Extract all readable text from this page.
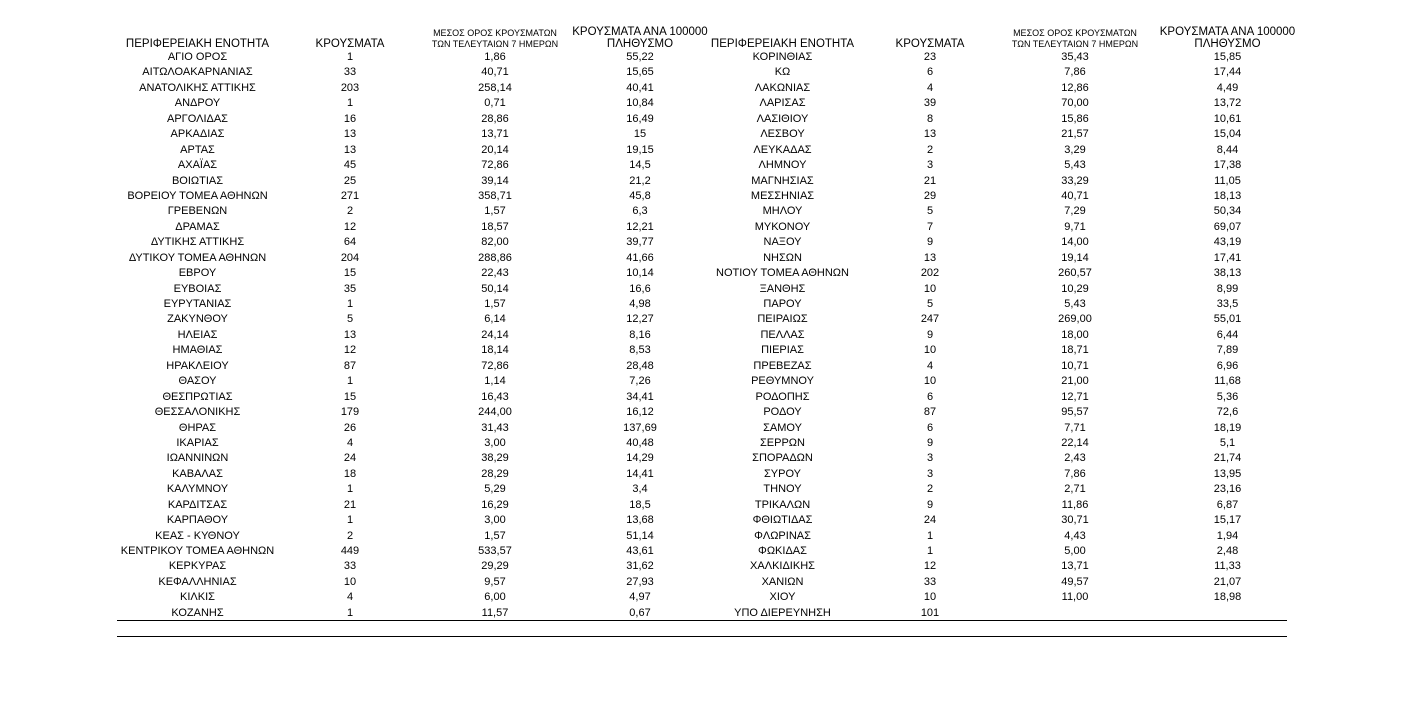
ΠΕΡΙΦΕΡΕΙΑΚΗ ΕΝΟΤΗΤΑ	ΚΡΟΥΣΜΑΤΑ
ΜΕΣΟΣ ΟΡΟΣ ΚΡΟΥΣΜΑΤΩΝ
ΤΩΝ ΤΕΛΕΥΤΑΙΩΝ 7 ΗΜΕΡΩΝ
ΚΡΟΥΣΜΑΤΑ ΑΝΑ 100000
ΠΛΗΘΥΣΜΟ
ΑΓΙΟ ΟΡΟΣ	1	1,86	55,22
ΑΙΤΩΛΟΑΚΑΡΝΑΝΙΑΣ	33	40,71	15,65
ΑΝΑΤΟΛΙΚΗΣ ΑΤΤΙΚΗΣ	203	258,14	40,41
ΑΝΔΡΟΥ	1	0,71	10,84
ΑΡΓΟΛΙΔΑΣ	16	28,86	16,49
ΑΡΚΑΔΙΑΣ	13	13,71	15
ΑΡΤΑΣ	13	20,14	19,15
ΑΧΑΪΑΣ	45	72,86	14,5
ΒΟΙΩΤΙΑΣ	25	39,14	21,2
ΒΟΡΕΙΟΥ ΤΟΜΕΑ ΑΘΗΝΩΝ	271	358,71	45,8
ΓΡΕΒΕΝΩΝ	2	1,57	6,3
ΔΡΑΜΑΣ	12	18,57	12,21
ΔΥΤΙΚΗΣ ΑΤΤΙΚΗΣ	64	82,00	39,77
ΔΥΤΙΚΟΥ ΤΟΜΕΑ ΑΘΗΝΩΝ	204	288,86	41,66
ΕΒΡΟΥ	15	22,43	10,14
ΕΥΒΟΙΑΣ	35	50,14	16,6
ΕΥΡΥΤΑΝΙΑΣ	1	1,57	4,98
ΖΑΚΥΝΘΟΥ	5	6,14	12,27
ΗΛΕΙΑΣ	13	24,14	8,16
ΗΜΑΘΙΑΣ	12	18,14	8,53
ΗΡΑΚΛΕΙΟΥ	87	72,86	28,48
ΘΑΣΟΥ	1	1,14	7,26
ΘΕΣΠΡΩΤΙΑΣ	15	16,43	34,41
ΘΕΣΣΑΛΟΝΙΚΗΣ	179	244,00	16,12
ΘΗΡΑΣ	26	31,43	137,69
ΙΚΑΡΙΑΣ	4	3,00	40,48
ΙΩΑΝΝΙΝΩΝ	24	38,29	14,29
ΚΑΒΑΛΑΣ	18	28,29	14,41
ΚΑΛΥΜΝΟΥ	1	5,29	3,4
ΚΑΡΔΙΤΣΑΣ	21	16,29	18,5
ΚΑΡΠΑΘΟΥ	1	3,00	13,68
ΚΕΑΣ - ΚΥΘΝΟΥ	2	1,57	51,14
ΚΕΝΤΡΙΚΟΥ ΤΟΜΕΑ ΑΘΗΝΩΝ	449	533,57	43,61
ΚΕΡΚΥΡΑΣ	33	29,29	31,62
ΚΕΦΑΛΛΗΝΙΑΣ	10	9,57	27,93
ΚΙΛΚΙΣ	4	6,00	4,97
ΚΟΖΑΝΗΣ	1	11,57	0,67
ΠΕΡΙΦΕΡΕΙΑΚΗ ΕΝΟΤΗΤΑ	ΚΡΟΥΣΜΑΤΑ
ΜΕΣΟΣ ΟΡΟΣ ΚΡΟΥΣΜΑΤΩΝ
ΤΩΝ ΤΕΛΕΥΤΑΙΩΝ 7 ΗΜΕΡΩΝ
ΚΡΟΥΣΜΑΤΑ ΑΝΑ 100000
ΠΛΗΘΥΣΜΟ
ΚΟΡΙΝΘΙΑΣ	23	35,43	15,85
ΚΩ	6	7,86	17,44
ΛΑΚΩΝΙΑΣ	4	12,86	4,49
ΛΑΡΙΣΑΣ	39	70,00	13,72
ΛΑΣΙΘΙΟΥ	8	15,86	10,61
ΛΕΣΒΟΥ	13	21,57	15,04
ΛΕΥΚΑΔΑΣ	2	3,29	8,44
ΛΗΜΝΟΥ	3	5,43	17,38
ΜΑΓΝΗΣΙΑΣ	21	33,29	11,05
ΜΕΣΣΗΝΙΑΣ	29	40,71	18,13
ΜΗΛΟΥ	5	7,29	50,34
ΜΥΚΟΝΟΥ	7	9,71	69,07
ΝΑΞΟΥ	9	14,00	43,19
ΝΗΣΩΝ	13	19,14	17,41
ΝΟΤΙΟΥ ΤΟΜΕΑ ΑΘΗΝΩΝ	202	260,57	38,13
ΞΑΝΘΗΣ	10	10,29	8,99
ΠΑΡΟΥ	5	5,43	33,5
ΠΕΙΡΑΙΩΣ	247	269,00	55,01
ΠΕΛΛΑΣ	9	18,00	6,44
ΠΙΕΡΙΑΣ	10	18,71	7,89
ΠΡΕΒΕΖΑΣ	4	10,71	6,96
ΡΕΘΥΜΝΟΥ	10	21,00	11,68
ΡΟΔΟΠΗΣ	6	12,71	5,36
ΡΟΔΟΥ	87	95,57	72,6
ΣΑΜΟΥ	6	7,71	18,19
ΣΕΡΡΩΝ	9	22,14	5,1
ΣΠΟΡΑΔΩΝ	3	2,43	21,74
ΣΥΡΟΥ	3	7,86	13,95
ΤΗΝΟΥ	2	2,71	23,16
ΤΡΙΚΑΛΩΝ	9	11,86	6,87
ΦΘΙΩΤΙΔΑΣ	24	30,71	15,17
ΦΛΩΡΙΝΑΣ	1	4,43	1,94
ΦΩΚΙΔΑΣ	1	5,00	2,48
ΧΑΛΚΙΔΙΚΗΣ	12	13,71	11,33
ΧΑΝΙΩΝ	33	49,57	21,07
ΧΙΟΥ	10	11,00	18,98
ΥΠΟ ΔΙΕΡΕΥΝΗΣΗ	101
